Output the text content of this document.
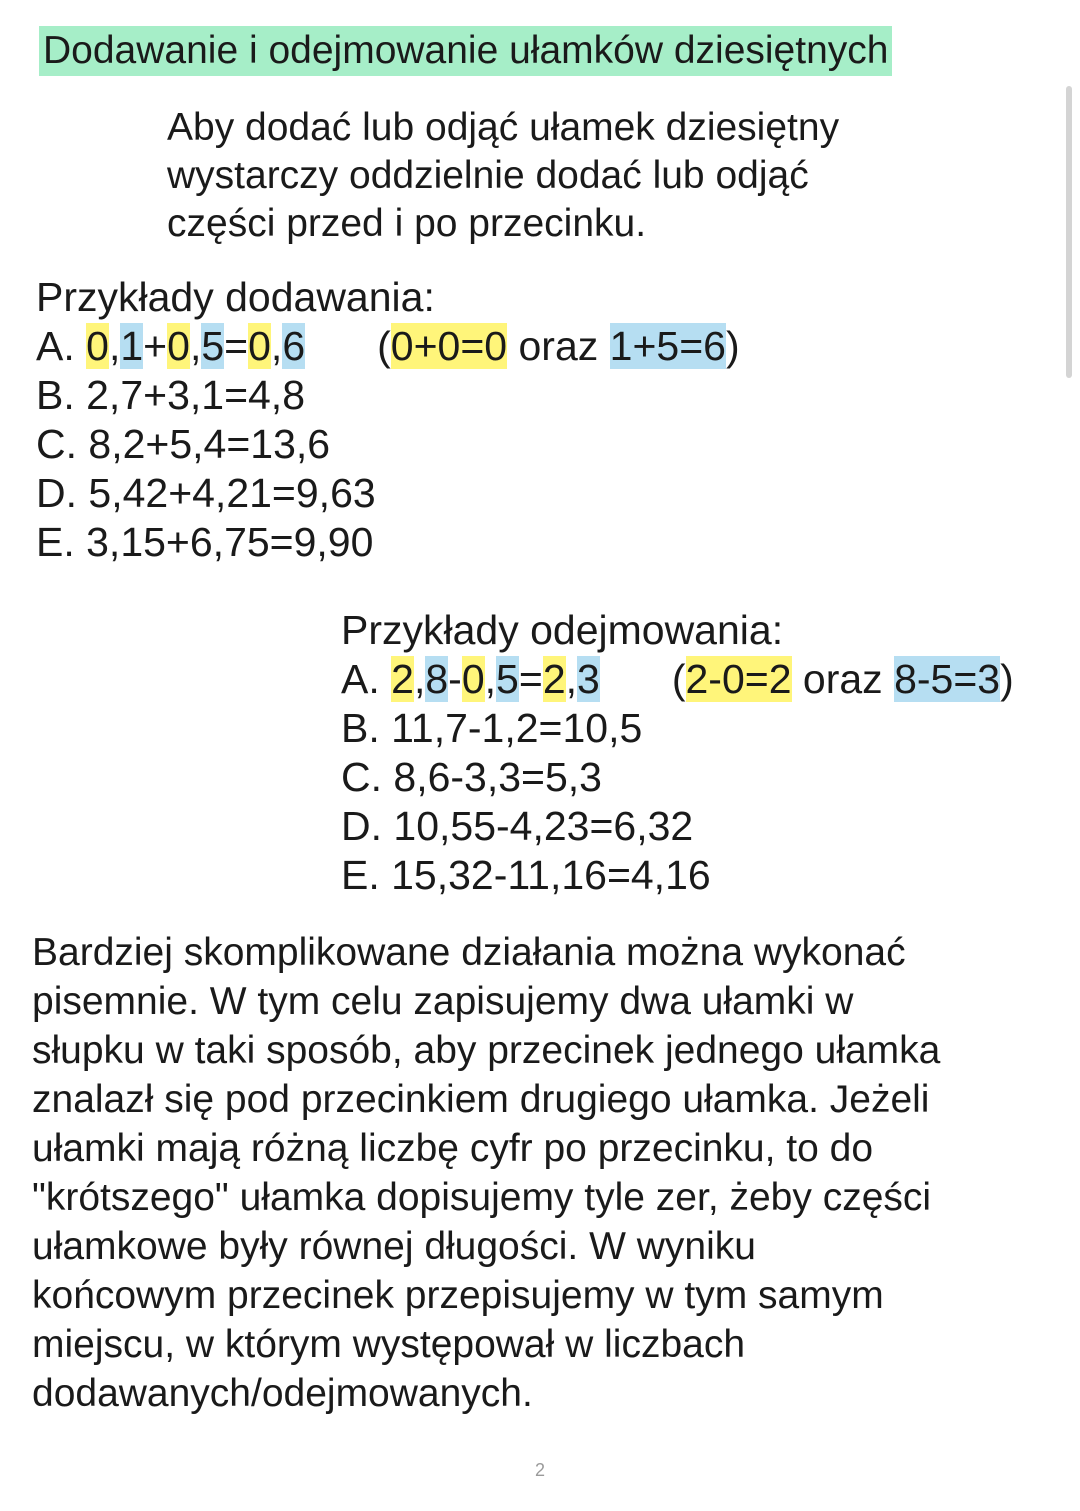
Dodawanie i odejmowanie ułamków dziesiętnych
Aby dodać lub odjąć ułamek dziesiętny
wystarczy oddzielnie dodać lub odjąć
części przed i po przecinku.
Przykłady dodawania:
A. 0,1+0,5=0,6 (0+0=0 oraz 1+5=6)
B. 2,7+3,1=4,8
C. 8,2+5,4=13,6
D. 5,42+4,21=9,63
E. 3,15+6,75=9,90
Przykłady odejmowania:
A. 2,8-0,5=2,3 (2-0=2 oraz 8-5=3)
B. 11,7-1,2=10,5
C. 8,6-3,3=5,3
D. 10,55-4,23=6,32
E. 15,32-11,16=4,16
Bardziej skomplikowane działania można wykonać
pisemnie. W tym celu zapisujemy dwa ułamki w
słupku w taki sposób, aby przecinek jednego ułamka
znalazł się pod przecinkiem drugiego ułamka. Jeżeli
ułamki mają różną liczbę cyfr po przecinku, to do
"krótszego" ułamka dopisujemy tyle zer, żeby części
ułamkowe były równej długości. W wyniku
końcowym przecinek przepisujemy w tym samym
miejscu, w którym występował w liczbach
dodawanych/odejmowanych.
2
